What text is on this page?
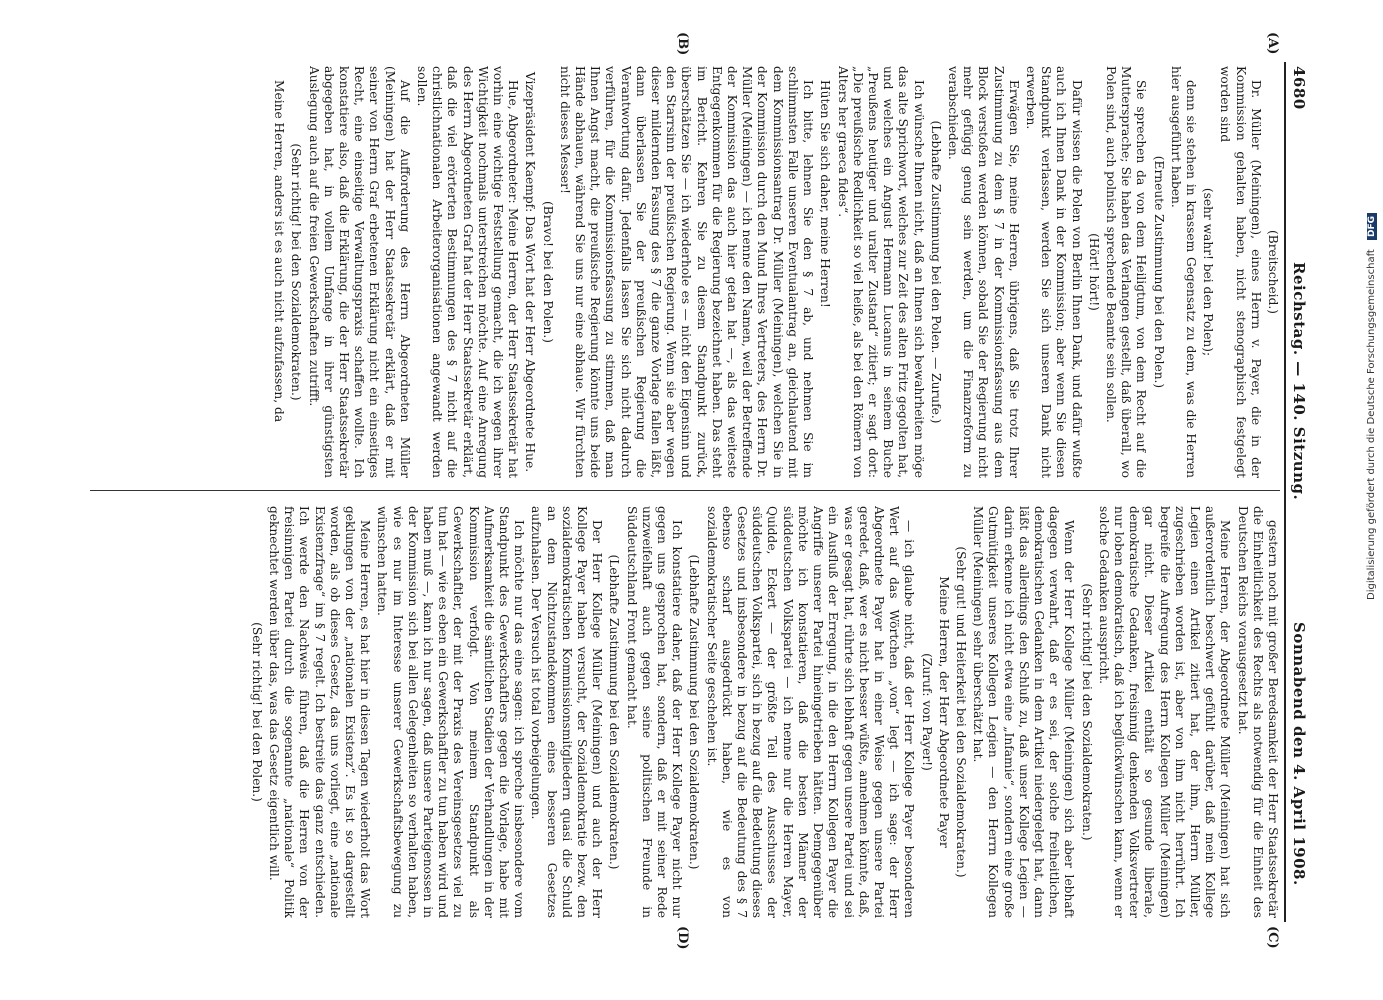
4680
Reichstag. — 140. Sitzung.
Sonnabend den 4. April 1908.
(A)
(B)
(C)
(D)

(Breitscheid.)

Dr. Müller (Meiningen), eines Herrn v. Payer, die in der Kommission gehalten haben, nicht stenographisch festgelegt worden sind

(sehr wahr! bei den Polen);

denn sie stehen in krassem Gegensatz zu dem, was die Herren hier ausgeführt haben.

(Erneute Zustimmung bei den Polen.)

Sie sprechen da von dem Heiligtum, von dem Recht auf die Muttersprache; Sie haben das Verlangen gestellt, daß überall, wo Polen sind, auch polnisch sprechende Beamte sein sollen.

(Hört! hört!)

Dafür wissen die Polen von Berlin Ihnen Dank, und dafür wußte auch ich Ihnen Dank in der Kommission; aber wenn Sie diesen Standpunkt verlassen, werden Sie sich unseren Dank nicht erwerben.

Erwägen Sie, meine Herren, übrigens, daß Sie trotz Ihrer Zustimmung zu dem § 7 in der Kommissionsfassung aus dem Block verstoßen werden können, sobald Sie der Regierung nicht mehr gefügig genug sein werden, um die Finanzreform zu verabschieden.

(Lebhafte Zustimmung bei den Polen. — Zurufe.)

Ich wünsche Ihnen nicht, daß an Ihnen sich bewahrheiten möge das alte Sprichwort, welches zur Zeit des alten Fritz gegolten hat, und welches ein Angust Hermann Lucanus in seinem Buche „Preußens heutiger und uralter Zustand“ zitiert; er sagt dort: „Die preußische Redlichkeit so viel heiße, als bei den Römern von Alters her graeca fides“.

Hüten Sie sich daher, meine Herren!

Ich bitte, lehnen Sie den § 7 ab, und nehmen Sie im schlimmsten Falle unseren Eventualantrag an, gleichlautend mit dem Kommissionsantrag Dr. Müller (Meiningen), welchen Sie in der Kommission durch den Mund Ihres Vertreters, des Herrn Dr. Müller (Meiningen) — ich nenne den Namen, weil der Betreffende der Kommission das auch hier getan hat —, als das weiteste Entgegenkommen für die Regierung bezeichnet haben. Das steht im Bericht. Kehren Sie zu diesem Standpunkt zurück, überschätzen Sie — ich wiederhole es — nicht den Eigensinn und den Starrsinn der preußischen Regierung. Wenn sie aber wegen dieser mildernden Fassung des § 7 die ganze Vorlage fallen läßt, dann überlassen Sie der preußischen Regierung die Verantwortung dafür. Jedenfalls lassen Sie sich nicht dadurch verführen, für die Kommissionsfassung zu stimmen, daß man Ihnen Angst macht, die preußische Regierung könnte uns beide Hände abhauen, während Sie uns nur eine abhaue. Wir fürchten nicht dieses Messer!

(Bravo! bei den Polen.)

Vizepräsident Kaempf: Das Wort hat der Herr Abgeordnete Hue.

Hue, Abgeordneter: Meine Herren, der Herr Staatssekretär hat vorhin eine wichtige Feststellung gemacht, die ich wegen ihrer Wichtigkeit nochmals unterstreichen möchte. Auf eine Anregung des Herrn Abgeordneten Graf hat der Herr Staatssekretär erklärt, daß die viel erörterten Bestimmungen des § 7 nicht auf die christlichnationalen Arbeiterorganisationen angewandt werden sollen.

Auf die Aufforderung des Herrn Abgeordneten Müller (Meiningen) hat der Herr Staatssekretär erklärt, daß er mit seiner von Herrn Graf erbetenen Erklärung nicht ein einseitiges Recht, eine einseitige Verwaltungspraxis schaffen wollte. Ich konstatiere also, daß die Erklärung, die der Herr Staatssekretär abgegeben hat, in vollem Umfange in ihrer günstigsten Auslegung auch auf die freien Gewerkschaften zutrifft.

(Sehr richtig! bei den Sozialdemokraten.)

Meine Herren, anders ist es auch nicht aufzufassen, da

gestern noch mit großer Beredsamkeit der Herr Staatssekretär die Einheitlichkeit des Rechts als notwendig für die Einheit des Deutschen Reichs vorausgesetzt hat.

Meine Herren, der Abgeordnete Müller (Meiningen) hat sich außerordentlich beschwert gefühlt darüber, daß mein Kollege Legien einen Artikel zitiert hat, der ihm, Herrn Müller, zugeschrieben worden ist, aber von ihm nicht herrührt. Ich begreife die Aufregung des Herrn Kollegen Müller (Meiningen) gar nicht. Dieser Artikel enthält so gesunde liberale, demokratische Gedanken, freisinnig denkenden Volksvertreter nur loben demokratisch, daß ich beglückwünschen kann, wenn er solche Gedanken ausspricht.

(Sehr richtig! bei den Sozialdemokraten.)

Wenn der Herr Kollege Müller (Meiningen) sich aber lebhaft dagegen verwahrt, daß er es sei, der solche freiheitlichen, demokratischen Gedanken in dem Artikel niedergelegt hat, dann läßt das allerdings den Schluß zu, daß unser Kollege Legien — darin erkenne ich nicht etwa eine „Infamie“, sondern eine große Gutmütigkeit unseres Kollegen Legien — den Herrn Kollegen Müller (Meiningen) sehr überschätzt hat.

(Sehr gut! und Heiterkeit bei den Sozialdemokraten.)

Meine Herren, der Herr Abgeordnete Payer

(Zuruf: von Payer!)

— ich glaube nicht, daß der Herr Kollege Payer besonderen Wert auf das Wörtchen „von“ legt — ich sage: der Herr Abgeordnete Payer hat in einer Weise gegen unsere Partei geredet, daß, wer es nicht besser wüßte, annehmen könnte, daß, was er gesagt hat, rührte sich lebhaft gegen unsere Partei und sei ein Ausfluß der Erregung, in die den Herrn Kollegen Payer die Angriffe unserer Partei hineingetrieben hätten. Demgegenüber möchte ich konstatieren, daß die besten Männer der süddeutschen Volkspartei — ich nenne nur die Herren Mayer, Quidde, Eckert — der größte Teil des Ausschusses der süddeutschen Volkspartei, sich in bezug auf die Bedeutung dieses Gesetzes und insbesondere in bezug auf die Bedeutung des § 7 ebenso scharf ausgedrückt haben, wie es von sozialdemokratischer Seite geschehen ist.

(Lebhafte Zustimmung bei den Sozialdemokraten.)

Ich konstatiere daher, daß der Herr Kollege Payer nicht nur gegen uns gesprochen hat, sondern, daß er mit seiner Rede unzweifelhaft auch gegen seine politischen Freunde in Süddeutschland Front gemacht hat.

(Lebhafte Zustimmung bei den Sozialdemokraten.)

Der Herr Kollege Müller (Meiningen) und auch der Herr Kollege Payer haben versucht, der Sozialdemokratie bezw. den sozialdemokratischen Kommissionsmitgliedern quasi die Schuld an dem Nichtzustandekommen eines besseren Gesetzes aufzuhalsen. Der Versuch ist total vorbeigelungen.

Ich möchte nur das eine sagen: ich spreche insbesondere vom Standpunkt des Gewerkschaftlers gegen die Vorlage, habe mit Aufmerksamkeit die sämtlichen Stadien der Verhandlungen in der Kommission verfolgt. Von meinem Standpunkt als Gewerkschaftler, der mit der Praxis des Vereinsgesetzes viel zu tun hat — wie es eben ein Gewerkschaftler zu tun haben wird und haben muß —, kann ich nur sagen, daß unsere Parteigenossen in der Kommission sich bei allen Gelegenheiten so verhalten haben, wie es nur im Interesse unserer Gewerkschaftsbewegung zu wünschen hatten.

Meine Herren, es hat hier in diesen Tagen wiederholt das Wort geklungen von der „nationalen Existenz“. Es ist so dargestellt worden, als ob dieses Gesetz, das uns vorliegt, eine „nationale Existenzfrage“ im § 7 regelt. Ich bestreite das ganz entschieden. Ich werde den Nachweis führen, daß die Herren von der freisinnigen Partei durch die sogenannte „nationale“ Politik geknechtet werden über das, was das Gesetz eigentlich will.

(Sehr richtig! bei den Polen.)

Digitalisierung gefördert durch die Deutsche Forschungsgemeinschaft DFG
